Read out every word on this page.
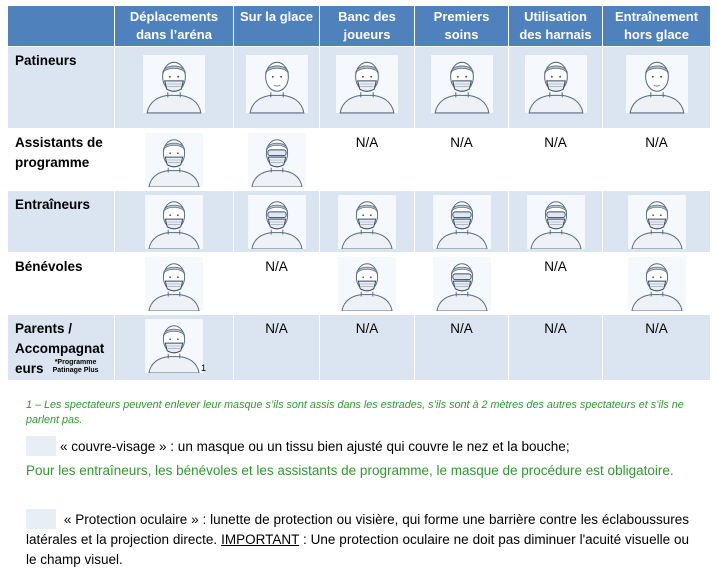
	Déplacements dans l’aréna	Sur la glace	Banc des joueurs	Premiers soins	Utilisation des harnais	Entraînement hors glace
Patineurs	

Assistants de programme			N/A	N/A	N/A	N/A

Entraîneurs	

Bénévoles		N/A			N/A

Parents / Accompagnat eurs *Programme Patinage Plus	1	N/A	N/A	N/A	N/A	N/A
1 – Les spectateurs peuvent enlever leur masque s’ils sont assis dans les estrades, s’ils sont à 2 mètres des autres spectateurs et s’ils ne parlent pas.
« couvre-visage » : un masque ou un tissu bien ajusté qui couvre le nez et la bouche;
Pour les entraîneurs, les bénévoles et les assistants de programme, le masque de procédure est obligatoire.
« Protection oculaire » : lunette de protection ou visière, qui forme une barrière contre les éclaboussures latérales et la projection directe. IMPORTANT : Une protection oculaire ne doit pas diminuer l'acuité visuelle ou le champ visuel.
